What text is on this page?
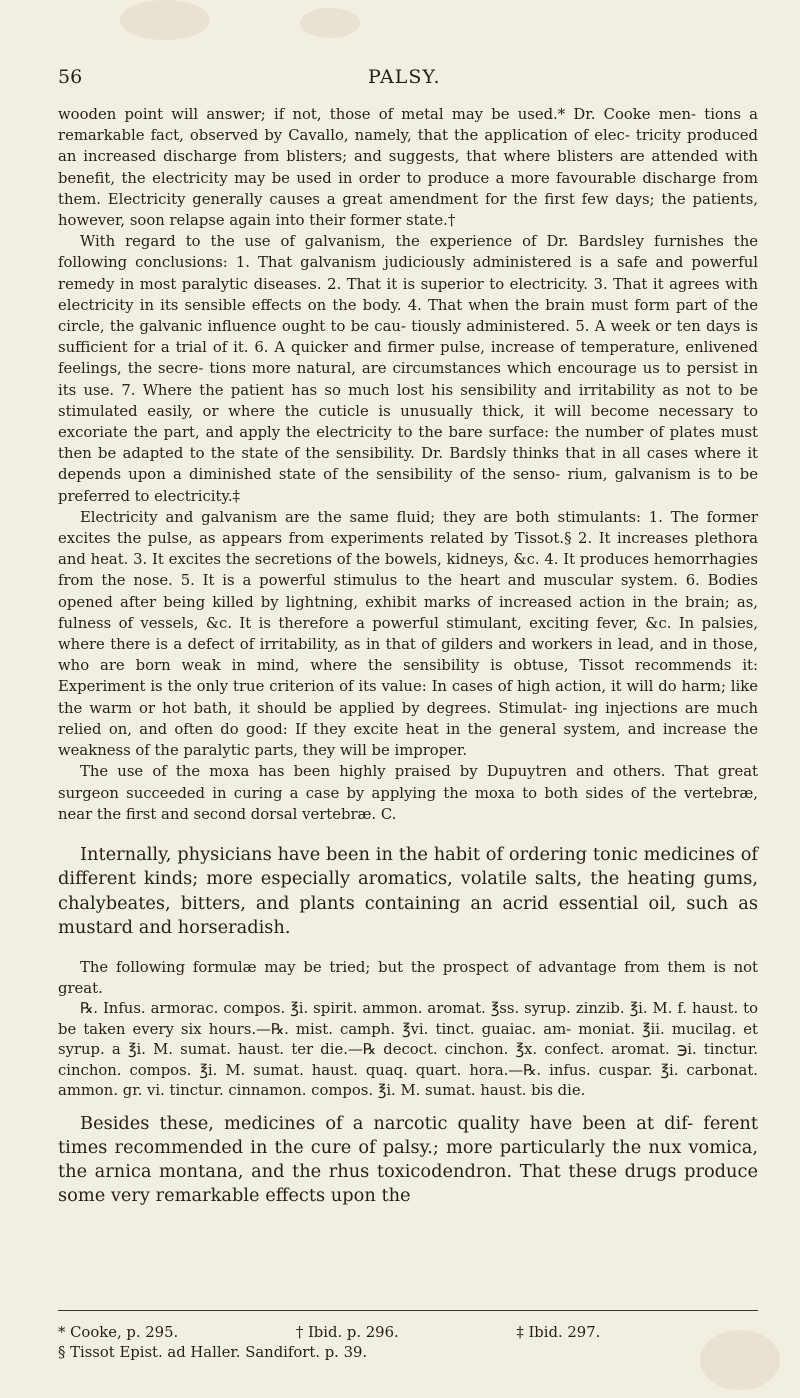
56	PALSY.

wooden point will answer; if not, those of metal may be used.* Dr. Cooke men- tions a remarkable fact, observed by Cavallo, namely, that the application of elec- tricity produced an increased discharge from blisters; and suggests, that where blisters are attended with benefit, the electricity may be used in order to produce a more favourable discharge from them. Electricity generally causes a great amendment for the first few days; the patients, however, soon relapse again into their former state.†

With regard to the use of galvanism, the experience of Dr. Bardsley furnishes the following conclusions: 1. That galvanism judiciously administered is a safe and powerful remedy in most paralytic diseases. 2. That it is superior to electricity. 3. That it agrees with electricity in its sensible effects on the body. 4. That when the brain must form part of the circle, the galvanic influence ought to be cau- tiously administered. 5. A week or ten days is sufficient for a trial of it. 6. A quicker and firmer pulse, increase of temperature, enlivened feelings, the secre- tions more natural, are circumstances which encourage us to persist in its use. 7. Where the patient has so much lost his sensibility and irritability as not to be stimulated easily, or where the cuticle is unusually thick, it will become necessary to excoriate the part, and apply the electricity to the bare surface: the number of plates must then be adapted to the state of the sensibility. Dr. Bardsly thinks that in all cases where it depends upon a diminished state of the sensibility of the senso- rium, galvanism is to be preferred to electricity.‡

Electricity and galvanism are the same fluid; they are both stimulants: 1. The former excites the pulse, as appears from experiments related by Tissot.§ 2. It increases plethora and heat. 3. It excites the secretions of the bowels, kidneys, &c. 4. It produces hemorrhagies from the nose. 5. It is a powerful stimulus to the heart and muscular system. 6. Bodies opened after being killed by lightning, exhibit marks of increased action in the brain; as, fulness of vessels, &c. It is therefore a powerful stimulant, exciting fever, &c. In palsies, where there is a defect of irritability, as in that of gilders and workers in lead, and in those, who are born weak in mind, where the sensibility is obtuse, Tissot recommends it: Experiment is the only true criterion of its value: In cases of high action, it will do harm; like the warm or hot bath, it should be applied by degrees. Stimulat- ing injections are much relied on, and often do good: If they excite heat in the general system, and increase the weakness of the paralytic parts, they will be improper.

The use of the moxa has been highly praised by Dupuytren and others. That great surgeon succeeded in curing a case by applying the moxa to both sides of the vertebræ, near the first and second dorsal vertebræ. C.

Internally, physicians have been in the habit of ordering tonic medicines of different kinds; more especially aromatics, volatile salts, the heating gums, chalybeates, bitters, and plants containing an acrid essential oil, such as mustard and horseradish.

The following formulæ may be tried; but the prospect of advantage from them is not great.

℞. Infus. armorac. compos. ℥i. spirit. ammon. aromat. ℥ss. syrup. zinzib. ℥i. M. f. haust. to be taken every six hours.—℞. mist. camph. ℥vi. tinct. guaiac. am- moniat. ℥ii. mucilag. et syrup. a ℥i. M. sumat. haust. ter die.—℞ decoct. cinchon. ℥x. confect. aromat. ℈i. tinctur. cinchon. compos. ℥i. M. sumat. haust. quaq. quart. hora.—℞. infus. cuspar. ℥i. carbonat. ammon. gr. vi. tinctur. cinnamon. compos. ℥i. M. sumat. haust. bis die.

Besides these, medicines of a narcotic quality have been at dif- ferent times recommended in the cure of palsy.; more particularly the nux vomica, the arnica montana, and the rhus toxicodendron. That these drugs produce some very remarkable effects upon the

* Cooke, p. 295.	† Ibid. p. 296.	‡ Ibid. 297.
§ Tissot Epist. ad Haller. Sandifort. p. 39.
